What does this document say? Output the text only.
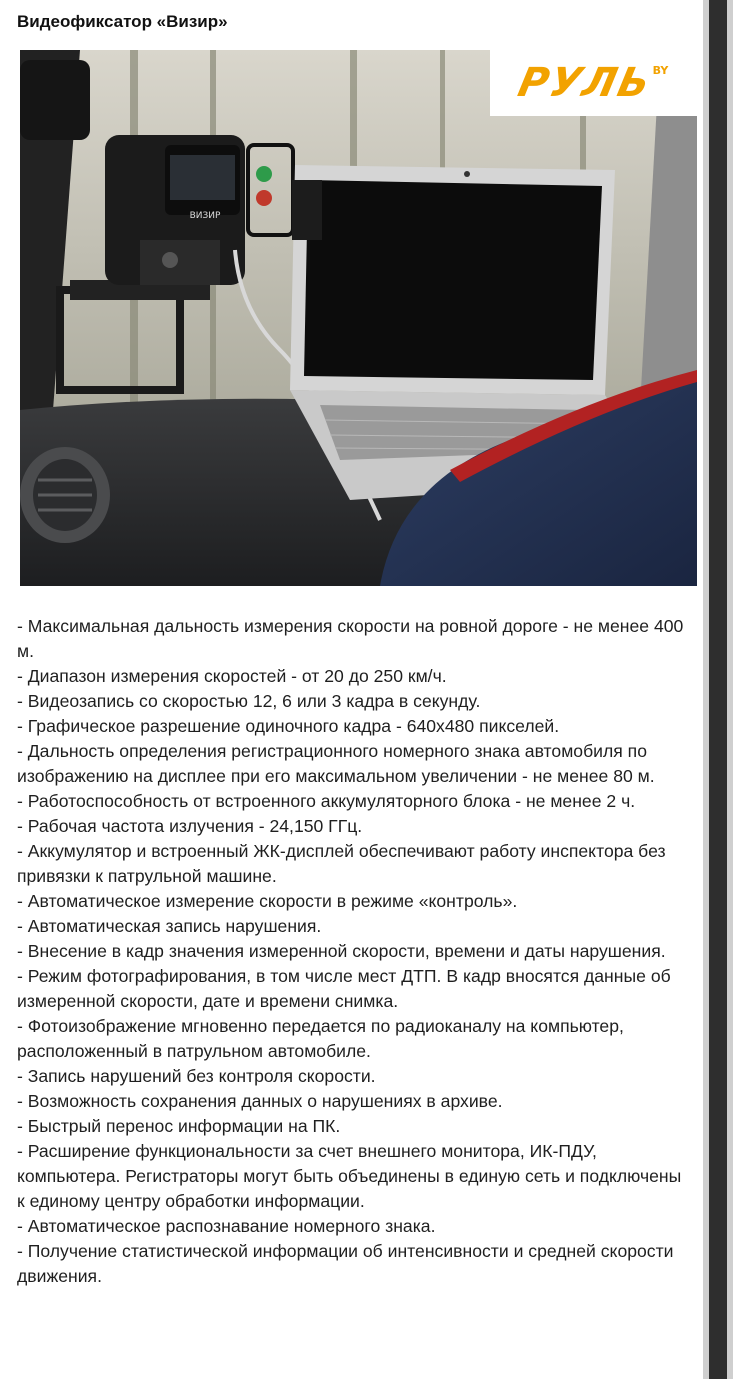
Видеофиксатор «Визир»
ВИЗИР
РУЛЬ
BY
- Максимальная дальность измерения скорости на ровной дороге - не менее 400 м.
- Диапазон измерения скоростей - от 20 до 250 км/ч.
- Видеозапись со скоростью 12, 6 или 3 кадра в секунду.
- Графическое разрешение одиночного кадра - 640х480 пикселей.
- Дальность определения регистрационного номерного знака автомобиля по изображению на дисплее при его максимальном увеличении - не менее 80 м.
- Работоспособность от встроенного аккумуляторного блока - не менее 2 ч.
- Рабочая частота излучения - 24,150 ГГц.
- Аккумулятор и встроенный ЖК-дисплей обеспечивают работу инспектора без привязки к патрульной машине.
- Автоматическое измерение скорости в режиме «контроль».
- Автоматическая запись нарушения.
- Внесение в кадр значения измеренной скорости, времени и даты нарушения.
- Режим фотографирования, в том числе мест ДТП. В кадр вносятся данные об измеренной скорости, дате и времени снимка.
- Фотоизображение мгновенно передается по радиоканалу на компьютер, расположенный в патрульном автомобиле.
- Запись нарушений без контроля скорости.
- Возможность сохранения данных о нарушениях в архиве.
- Быстрый перенос информации на ПК.
- Расширение функциональности за счет внешнего монитора, ИК-ПДУ, компьютера. Регистраторы могут быть объединены в единую сеть и подключены к единому центру обработки информации.
- Автоматическое распознавание номерного знака.
- Получение статистической информации об интенсивности и средней скорости движения.
